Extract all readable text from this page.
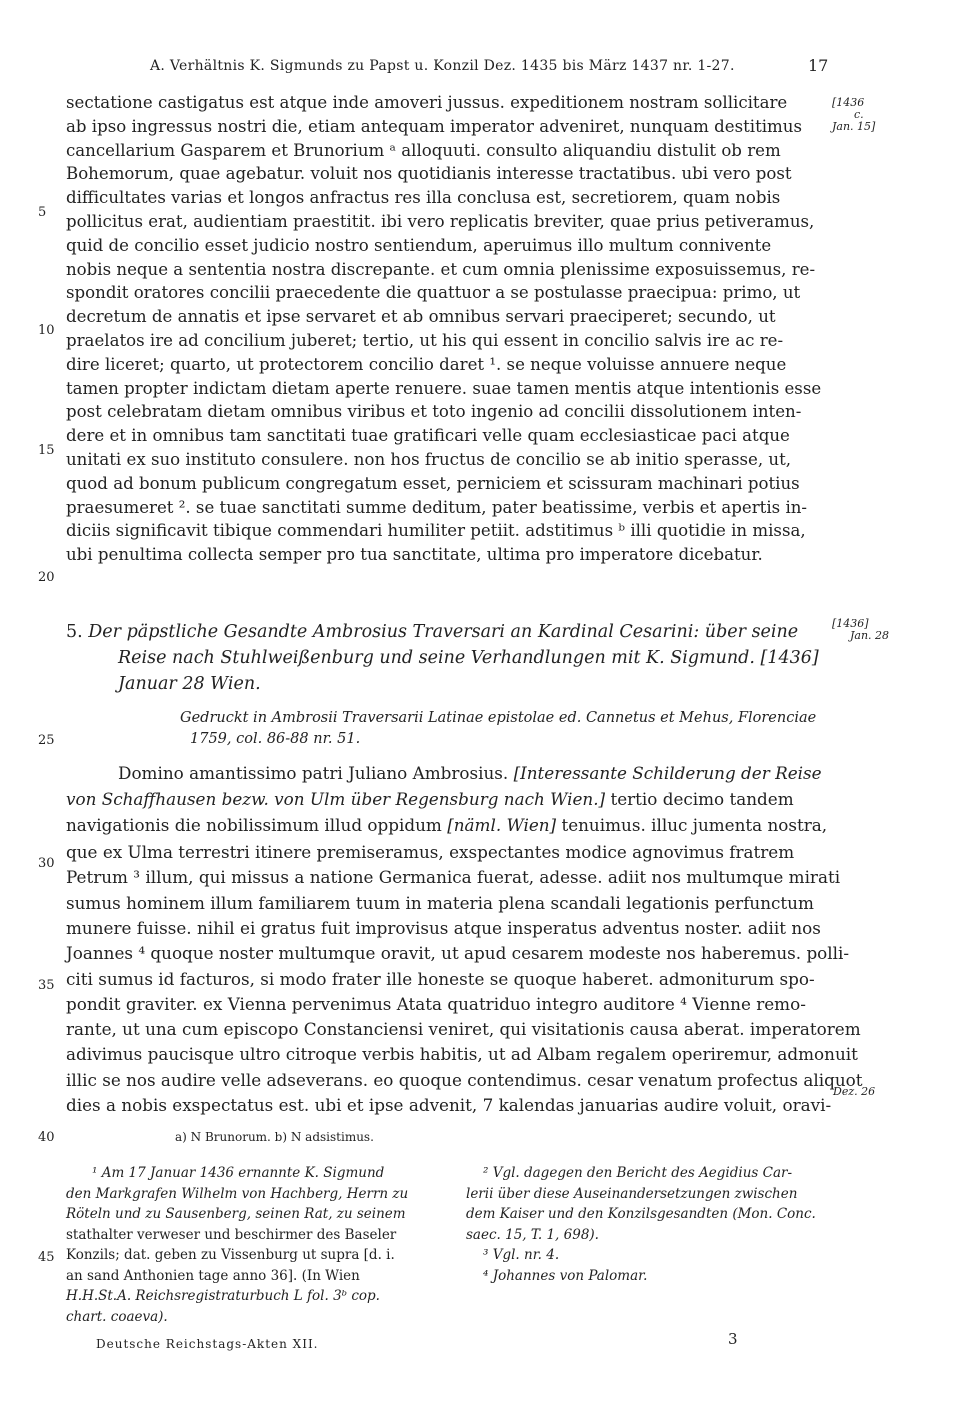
A. Verhältnis K. Sigmunds zu Papst u. Konzil Dez. 1435 bis März 1437 nr. 1-27.	17
sectatione castigatus est atque inde amoveri jussus. expeditionem nostram sollicitare
ab ipso ingressus nostri die, etiam antequam imperator adveniret, nunquam destitimus
cancellarium Gasparem et Brunorium ᵃ alloquuti. consulto aliquandiu distulit ob rem
Bohemorum, quae agebatur. voluit nos quotidianis interesse tractatibus. ubi vero post
difficultates varias et longos anfractus res illa conclusa est, secretiorem, quam nobis
pollicitus erat, audientiam praestitit. ibi vero replicatis breviter, quae prius petiveramus,
quid de concilio esset judicio nostro sentiendum, aperuimus illo multum connivente
nobis neque a sententia nostra discrepante. et cum omnia plenissime exposuissemus, re-
spondit oratores concilii praecedente die quattuor a se postulasse praecipua: primo, ut
decretum de annatis et ipse servaret et ab omnibus servari praeciperet; secundo, ut
praelatos ire ad concilium juberet; tertio, ut his qui essent in concilio salvis ire ac re-
dire liceret; quarto, ut protectorem concilio daret ¹. se neque voluisse annuere neque
tamen propter indictam dietam aperte renuere. suae tamen mentis atque intentionis esse
post celebratam dietam omnibus viribus et toto ingenio ad concilii dissolutionem inten-
dere et in omnibus tam sanctitati tuae gratificari velle quam ecclesiasticae paci atque
unitati ex suo instituto consulere. non hos fructus de concilio se ab initio sperasse, ut,
quod ad bonum publicum congregatum esset, perniciem et scissuram machinari potius
praesumeret ². se tuae sanctitati summe deditum, pater beatissime, verbis et apertis in-
diciis significavit tibique commendari humiliter petiit. adstitimus ᵇ illi quotidie in missa,
ubi penultima collecta semper pro tua sanctitate, ultima pro imperatore dicebatur.
5
10
15
20
25
30
35
40
45
[1436
c.
Jan. 15]
[1436]
Jan. 28
Dez. 26
5. Der päpstliche Gesandte Ambrosius Traversari an Kardinal Cesarini: über seine
Reise nach Stuhlweißenburg und seine Verhandlungen mit K. Sigmund. [1436]
Januar 28 Wien.
Gedruckt in Ambrosii Traversarii Latinae epistolae ed. Cannetus et Mehus, Florenciae
1759, col. 86-88 nr. 51.
Domino amantissimo patri Juliano Ambrosius. [Interessante Schilderung der Reise
von Schaffhausen bezw. von Ulm über Regensburg nach Wien.] tertio decimo tandem
navigationis die nobilissimum illud oppidum [näml. Wien] tenuimus. illuc jumenta nostra,
que ex Ulma terrestri itinere premiseramus, exspectantes modice agnovimus fratrem
Petrum ³ illum, qui missus a natione Germanica fuerat, adesse. adiit nos multumque mirati
sumus hominem illum familiarem tuum in materia plena scandali legationis perfunctum
munere fuisse. nihil ei gratus fuit improvisus atque insperatus adventus noster. adiit nos
Joannes ⁴ quoque noster multumque oravit, ut apud cesarem modeste nos haberemus. polli-
citi sumus id facturos, si modo frater ille honeste se quoque haberet. admoniturum spo-
pondit graviter. ex Vienna pervenimus Atata quatriduo integro auditore ⁴ Vienne remo-
rante, ut una cum episcopo Constanciensi veniret, qui visitationis causa aberat. imperatorem
adivimus paucisque ultro citroque verbis habitis, ut ad Albam regalem operiremur, admonuit
illic se nos audire velle adseverans. eo quoque contendimus. cesar venatum profectus aliquot
dies a nobis exspectatus est. ubi et ipse advenit, 7 kalendas januarias audire voluit, oravi-
a) N Brunorum. b) N adsistimus.
¹ Am 17 Januar 1436 ernannte K. Sigmund
den Markgrafen Wilhelm von Hachberg, Herrn zu
Röteln und zu Sausenberg, seinen Rat, zu seinem
stathalter verweser und beschirmer des Baseler
Konzils; dat. geben zu Vissenburg ut supra [d. i.
an sand Anthonien tage anno 36]. (In Wien
H.H.St.A. Reichsregistraturbuch L fol. 3ᵇ cop.
chart. coaeva).
² Vgl. dagegen den Bericht des Aegidius Car-
lerii über diese Auseinandersetzungen zwischen
dem Kaiser und den Konzilsgesandten (Mon. Conc.
saec. 15, T. 1, 698).
³ Vgl. nr. 4.
⁴ Johannes von Palomar.
Deutsche Reichstags-Akten XII.	3
